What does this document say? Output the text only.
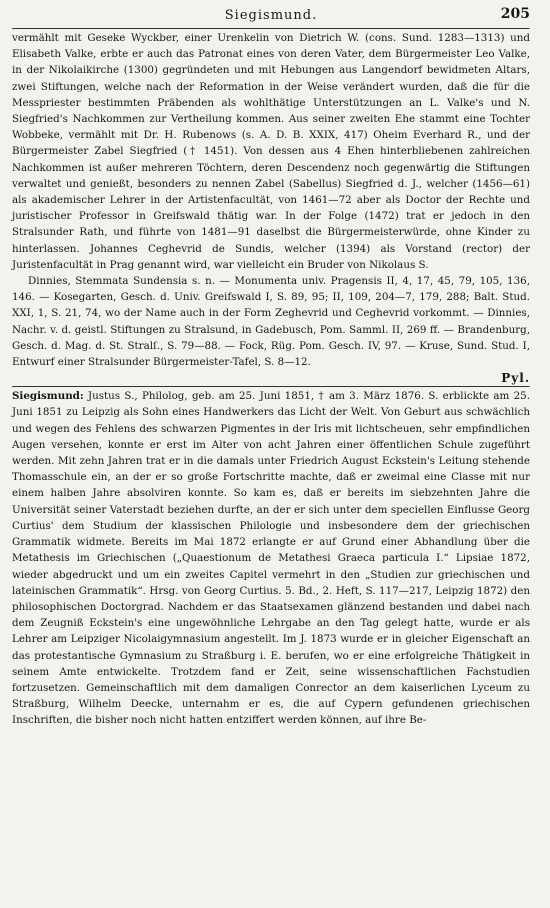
Siegismund.	205

vermählt mit Geseke Wyckber, einer Urenkelin von Dietrich W. (cons. Sund. 1283—1313) und Elisabeth Valke, erbte er auch das Patronat eines von deren Vater, dem Bürgermeister Leo Valke, in der Nikolaikirche (1300) gegründeten und mit Hebungen aus Langendorf bewidmeten Altars, zwei Stiftungen, welche nach der Reformation in der Weise verändert wurden, daß die für die Messpriester bestimmten Präbenden als wohlthätige Unterstützungen an L. Valke's und N. Siegfried's Nachkommen zur Vertheilung kommen. Aus seiner zweiten Ehe stammt eine Tochter Wobbeke, vermählt mit Dr. H. Rubenows (s. A. D. B. XXIX, 417) Oheim Everhard R., und der Bürgermeister Zabel Siegfried († 1451). Von dessen aus 4 Ehen hinterbliebenen zahlreichen Nachkommen ist außer mehreren Töchtern, deren Descendenz noch gegenwärtig die Stiftungen verwaltet und genießt, besonders zu nennen Zabel (Sabellus) Siegfried d. J., welcher (1456—61) als akademischer Lehrer in der Artistenfacultät, von 1461—72 aber als Doctor der Rechte und juristischer Professor in Greifswald thätig war. In der Folge (1472) trat er jedoch in den Stralsunder Rath, und führte von 1481—91 daselbst die Bürgermeisterwürde, ohne Kinder zu hinterlassen. Johannes Ceghevrid de Sundis, welcher (1394) als Vorstand (rector) der Juristenfacultät in Prag genannt wird, war vielleicht ein Bruder von Nikolaus S.

Dinnies, Stemmata Sundensia s. n. — Monumenta univ. Pragensis II, 4, 17, 45, 79, 105, 136, 146. — Kosegarten, Gesch. d. Univ. Greifswald I, S. 89, 95; II, 109, 204—7, 179, 288; Balt. Stud. XXI, 1, S. 21, 74, wo der Name auch in der Form Zeghevrid und Ceghevrid vorkommt. — Dinnies, Nachr. v. d. geistl. Stiftungen zu Stralsund, in Gadebusch, Pom. Samml. II, 269 ff. — Brandenburg, Gesch. d. Mag. d. St. Stralſ., S. 79—88. — Fock, Rüg. Pom. Gesch. IV, 97. — Kruse, Sund. Stud. I, Entwurf einer Stralsunder Bürgermeister-Tafel, S. 8—12.

Pyl.

Siegismund: Justus S., Philolog, geb. am 25. Juni 1851, † am 3. März 1876. S. erblickte am 25. Juni 1851 zu Leipzig als Sohn eines Handwerkers das Licht der Welt. Von Geburt aus schwächlich und wegen des Fehlens des schwarzen Pigmentes in der Iris mit lichtscheuen, sehr empfindlichen Augen versehen, konnte er erst im Alter von acht Jahren einer öffentlichen Schule zugeführt werden. Mit zehn Jahren trat er in die damals unter Friedrich August Eckstein's Leitung stehende Thomasschule ein, an der er so große Fortschritte machte, daß er zweimal eine Classe mit nur einem halben Jahre absolviren konnte. So kam es, daß er bereits im siebzehnten Jahre die Universität seiner Vaterstadt beziehen durfte, an der er sich unter dem speciellen Einflusse Georg Curtius' dem Studium der klassischen Philologie und insbesondere dem der griechischen Grammatik widmete. Bereits im Mai 1872 erlangte er auf Grund einer Abhandlung über die Metathesis im Griechischen („Quaestionum de Metathesi Graeca particula I.“ Lipsiae 1872, wieder abgedruckt und um ein zweites Capitel vermehrt in den „Studien zur griechischen und lateinischen Grammatik“. Hrsg. von Georg Curtius. 5. Bd., 2. Heft, S. 117—217, Leipzig 1872) den philosophischen Doctorgrad. Nachdem er das Staatsexamen glänzend bestanden und dabei nach dem Zeugniß Eckstein's eine ungewöhnliche Lehrgabe an den Tag gelegt hatte, wurde er als Lehrer am Leipziger Nicolaigymnasium angestellt. Im J. 1873 wurde er in gleicher Eigenschaft an das protestantische Gymnasium zu Straßburg i. E. berufen, wo er eine erfolgreiche Thätigkeit in seinem Amte entwickelte. Trotzdem fand er Zeit, seine wissenschaftlichen Fachstudien fortzusetzen. Gemeinschaftlich mit dem damaligen Conrector an dem kaiserlichen Lyceum zu Straßburg, Wilhelm Deecke, unternahm er es, die auf Cypern gefundenen griechischen Inschriften, die bisher noch nicht hatten entziffert werden können, auf ihre Be-
